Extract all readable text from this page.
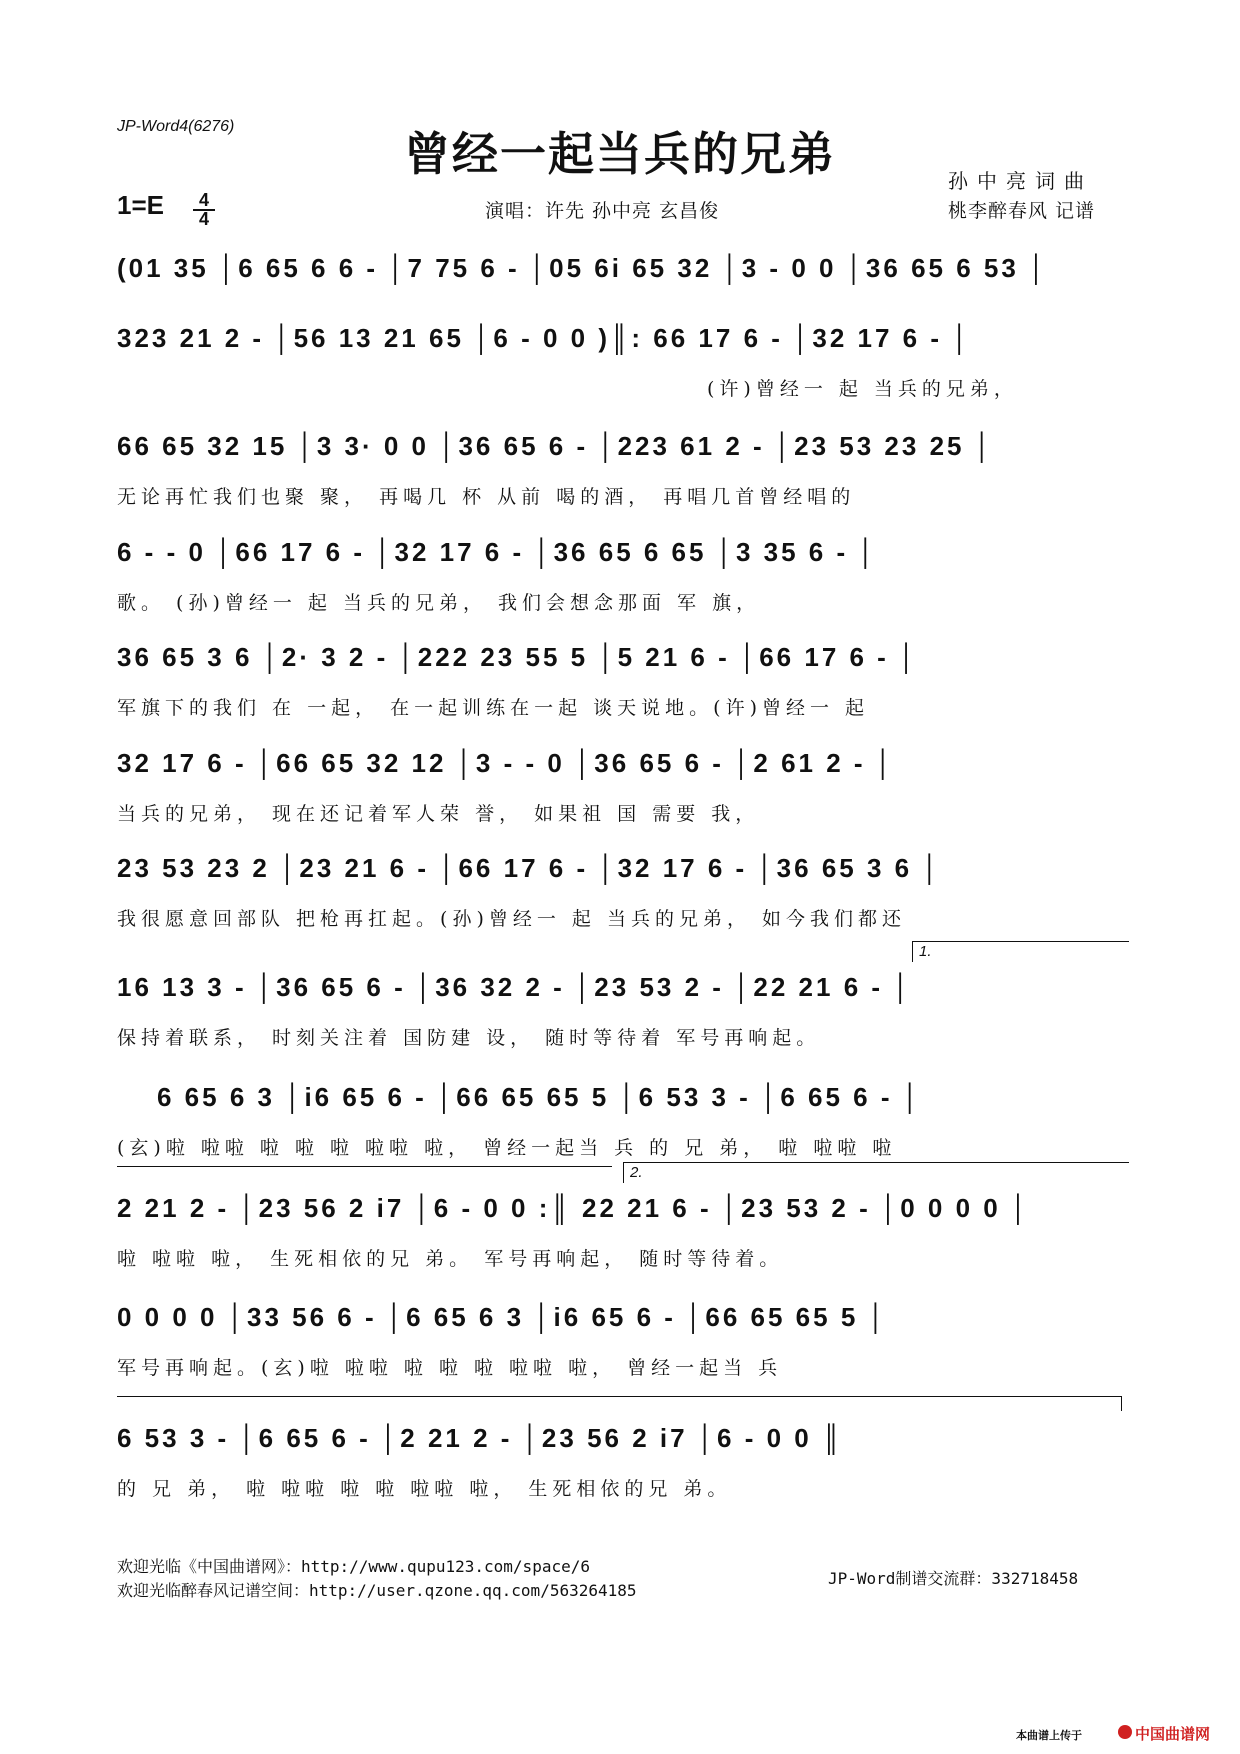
JP-Word4(6276)
曾经一起当兵的兄弟	孙中亮词曲
桃李醉春风 记谱
演唱：许先 孙中亮 玄昌俊
1=E	4
4
(01 35 │6 65 6 6 - │7 75 6 - │05 6i 65 32 │3 - 0 0 │36 65 6 53 │
323 21 2 - │56 13 21 65 │6 - 0 0 )║: 66 17 6 - │32 17 6 - │
(许)曾经一 起 当兵的兄弟，
66 65 32 15 │3 3· 0 0 │36 65 6 - │223 61 2 - │23 53 23 25 │
无论再忙我们也聚 聚， 再喝几 杯 从前 喝的酒， 再唱几首曾经唱的
6 - - 0 │66 17 6 - │32 17 6 - │36 65 6 65 │3 35 6 - │
歌。 (孙)曾经一 起 当兵的兄弟， 我们会想念那面 军 旗，
36 65 3 6 │2· 3 2 - │222 23 55 5 │5 21 6 - │66 17 6 - │
军旗下的我们 在 一起， 在一起训练在一起 谈天说地。(许)曾经一 起
32 17 6 - │66 65 32 12 │3 - - 0 │36 65 6 - │2 61 2 - │
当兵的兄弟， 现在还记着军人荣 誉， 如果祖 国 需要 我，
23 53 23 2 │23 21 6 - │66 17 6 - │32 17 6 - │36 65 3 6 │
我很愿意回部队 把枪再扛起。(孙)曾经一 起 当兵的兄弟， 如今我们都还
1.
16 13 3 - │36 65 6 - │36 32 2 - │23 53 2 - │22 21 6 - │
保持着联系， 时刻关注着 国防建 设， 随时等待着 军号再响起。
6 65 6 3 │i6 65 6 - │66 65 65 5 │6 53 3 - │6 65 6 - │
(玄)啦 啦啦 啦 啦 啦 啦啦 啦， 曾经一起当 兵 的 兄 弟， 啦 啦啦 啦
2.
2 21 2 - │23 56 2 i7 │6 - 0 0 :║ 22 21 6 - │23 53 2 - │0 0 0 0 │
啦 啦啦 啦， 生死相依的兄 弟。 军号再响起， 随时等待着。
0 0 0 0 │33 56 6 - │6 65 6 3 │i6 65 6 - │66 65 65 5 │
军号再响起。(玄)啦 啦啦 啦 啦 啦 啦啦 啦， 曾经一起当 兵
6 53 3 - │6 65 6 - │2 21 2 - │23 56 2 i7 │6 - 0 0 ║
的 兄 弟， 啦 啦啦 啦 啦 啦啦 啦， 生死相依的兄 弟。
欢迎光临《中国曲谱网》：http://www.qupu123.com/space/6
欢迎光临醉春风记谱空间：http://user.qzone.qq.com/563264185
JP-Word制谱交流群：332718458
本曲谱上传于	中国曲谱网
